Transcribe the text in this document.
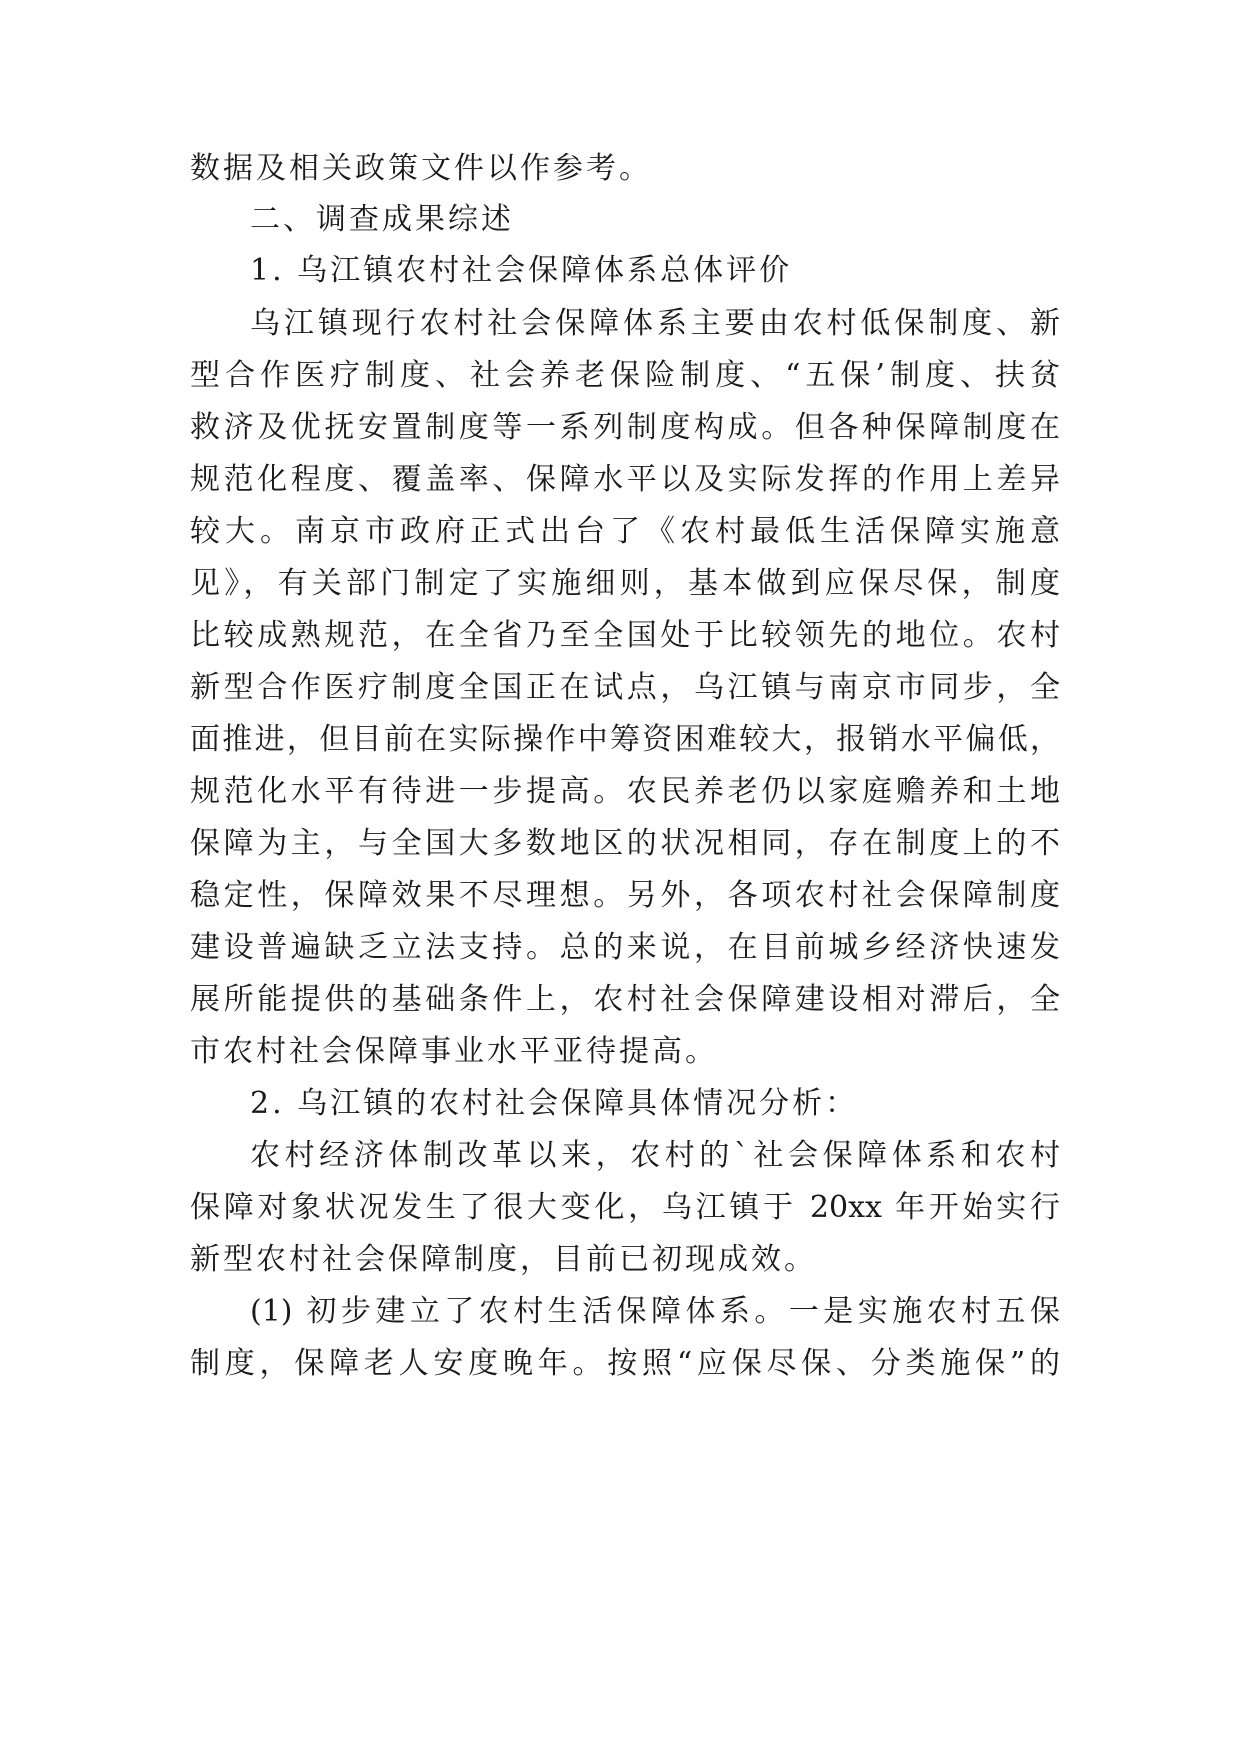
数据及相关政策文件以作参考。
二、调查成果综述
1. 乌江镇农村社会保障体系总体评价
乌江镇现行农村社会保障体系主要由农村低保制度、新
型合作医疗制度、社会养老保险制度、“五保’制度、扶贫
救济及优抚安置制度等一系列制度构成。但各种保障制度在
规范化程度、覆盖率、保障水平以及实际发挥的作用上差异
较大。南京市政府正式出台了《农村最低生活保障实施意
见》，有关部门制定了实施细则，基本做到应保尽保，制度
比较成熟规范，在全省乃至全国处于比较领先的地位。农村
新型合作医疗制度全国正在试点，乌江镇与南京市同步，全
面推进，但目前在实际操作中筹资困难较大，报销水平偏低，
规范化水平有待进一步提高。农民养老仍以家庭赡养和土地
保障为主，与全国大多数地区的状况相同，存在制度上的不
稳定性，保障效果不尽理想。另外，各项农村社会保障制度
建设普遍缺乏立法支持。总的来说，在目前城乡经济快速发
展所能提供的基础条件上，农村社会保障建设相对滞后，全
市农村社会保障事业水平亚待提高。
2. 乌江镇的农村社会保障具体情况分析：
农村经济体制改革以来，农村的`社会保障体系和农村
保障对象状况发生了很大变化，乌江镇于 20xx 年开始实行
新型农村社会保障制度，目前已初现成效。
(1) 初步建立了农村生活保障体系。一是实施农村五保
制度，保障老人安度晚年。按照“应保尽保、分类施保”的
